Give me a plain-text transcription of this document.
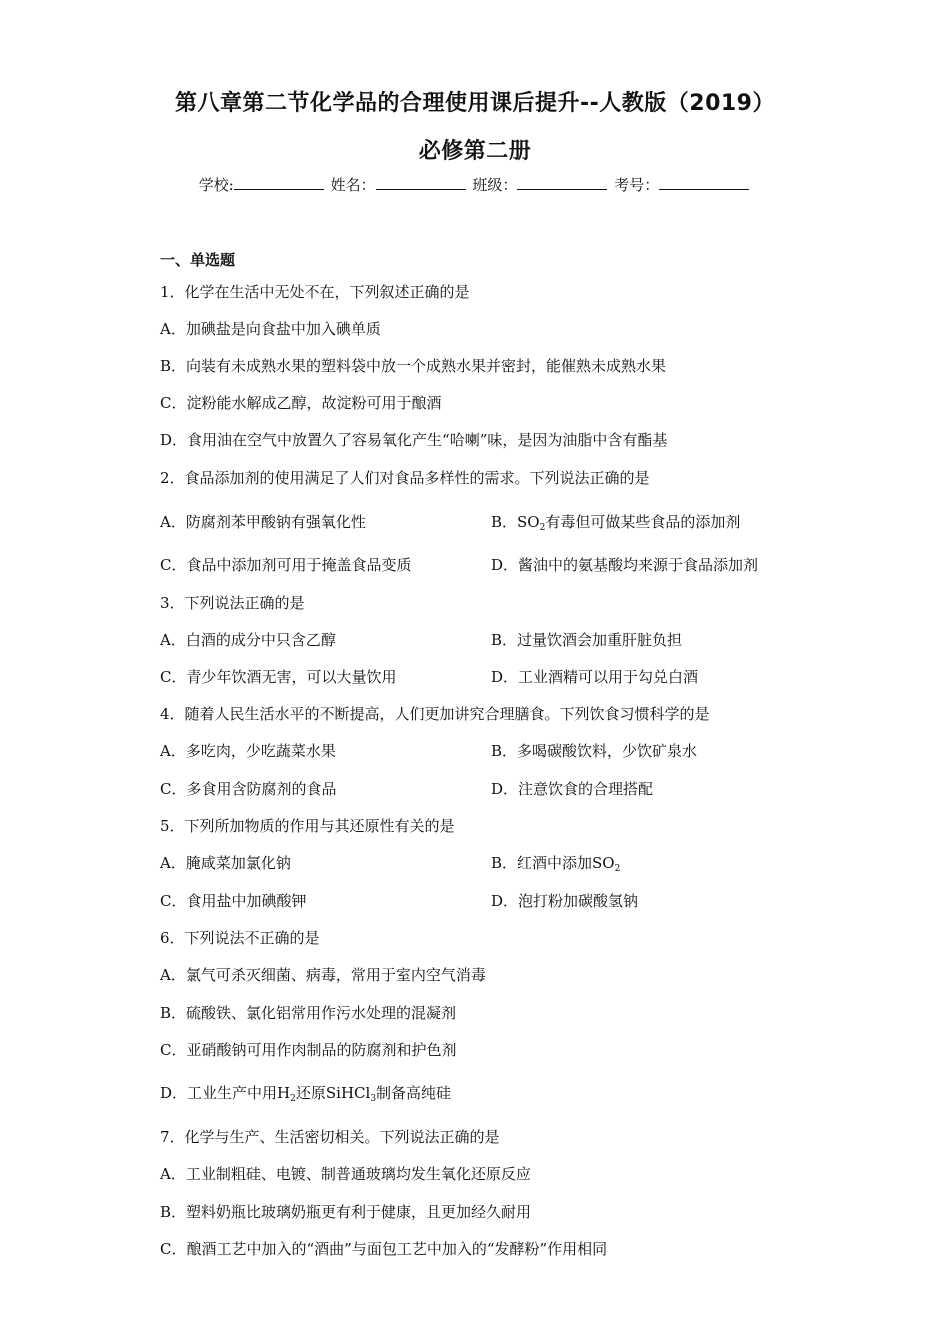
第八章第二节化学品的合理使用课后提升--人教版（2019）
必修第二册
学校:	姓名：	班级：	考号：
一、单选题
1．化学在生活中无处不在，下列叙述正确的是
A．加碘盐是向食盐中加入碘单质
B．向装有未成熟水果的塑料袋中放一个成熟水果并密封，能催熟未成熟水果
C．淀粉能水解成乙醇，故淀粉可用于酿酒
D．食用油在空气中放置久了容易氧化产生“哈喇”味，是因为油脂中含有酯基
2．食品添加剂的使用满足了人们对食品多样性的需求。下列说法正确的是
A．防腐剂苯甲酸钠有强氧化性	B．$SO_2$有毒但可做某些食品的添加剂
C．食品中添加剂可用于掩盖食品变质	D．酱油中的氨基酸均来源于食品添加剂
3．下列说法正确的是
A．白酒的成分中只含乙醇	B．过量饮酒会加重肝脏负担
C．青少年饮酒无害，可以大量饮用	D．工业酒精可以用于勾兑白酒
4．随着人民生活水平的不断提高，人们更加讲究合理膳食。下列饮食习惯科学的是
A．多吃肉，少吃蔬菜水果	B．多喝碳酸饮料，少饮矿泉水
C．多食用含防腐剂的食品	D．注意饮食的合理搭配
5．下列所加物质的作用与其还原性有关的是
A．腌咸菜加氯化钠	B．红酒中添加$SO_2$
C．食用盐中加碘酸钾	D．泡打粉加碳酸氢钠
6．下列说法不正确的是
A．氯气可杀灭细菌、病毒，常用于室内空气消毒
B．硫酸铁、氯化铝常用作污水处理的混凝剂
C．亚硝酸钠可用作肉制品的防腐剂和护色剂
D．工业生产中用$H_2$还原SiHCl$_3$制备高纯硅
7．化学与生产、生活密切相关。下列说法正确的是
A．工业制粗硅、电镀、制普通玻璃均发生氧化还原反应
B．塑料奶瓶比玻璃奶瓶更有利于健康，且更加经久耐用
C．酿酒工艺中加入的“酒曲”与面包工艺中加入的“发酵粉”作用相同
